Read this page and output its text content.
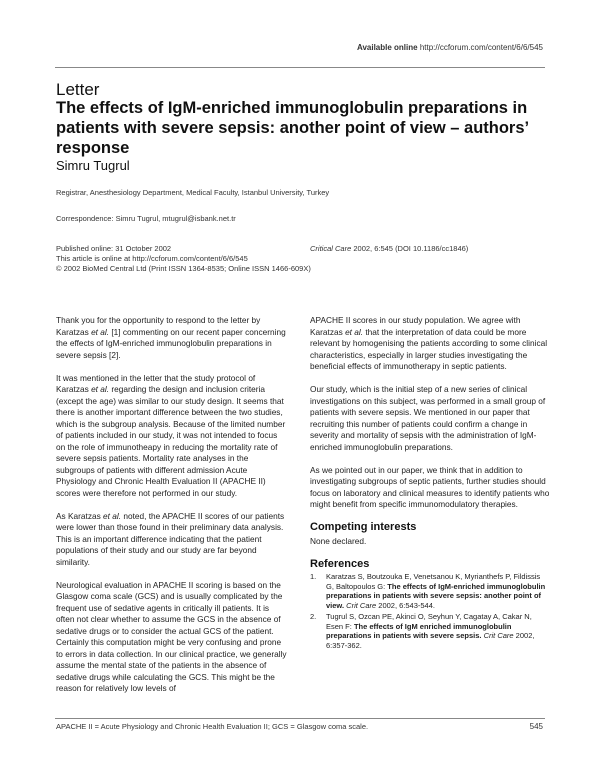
Available online http://ccforum.com/content/6/6/545
Letter
The effects of IgM-enriched immunoglobulin preparations in patients with severe sepsis: another point of view – authors’ response
Simru Tugrul
Registrar, Anesthesiology Department, Medical Faculty, Istanbul University, Turkey
Correspondence: Simru Tugrul, mtugrul@isbank.net.tr
Published online: 31 October 2002
This article is online at http://ccforum.com/content/6/6/545
© 2002 BioMed Central Ltd (Print ISSN 1364-8535; Online ISSN 1466-609X)
Critical Care 2002, 6:545 (DOI 10.1186/cc1846)

Thank you for the opportunity to respond to the letter by Karatzas et al. [1] commenting on our recent paper concerning the effects of IgM-enriched immunoglobulin preparations in severe sepsis [2].

It was mentioned in the letter that the study protocol of Karatzas et al. regarding the design and inclusion criteria (except the age) was similar to our study design. It seems that there is another important difference between the two studies, which is the subgroup analysis. Because of the limited number of patients included in our study, it was not intended to focus on the role of immunotheapy in reducing the mortality rate of severe sepsis patients. Mortality rate analyses in the subgroups of patients with different admission Acute Physiology and Chronic Health Evaluation II (APACHE II) scores were therefore not performed in our study.

As Karatzas et al. noted, the APACHE II scores of our patients were lower than those found in their preliminary data analysis. This is an important difference indicating that the patient populations of their study and our study are far beyond similarity.

Neurological evaluation in APACHE II scoring is based on the Glasgow coma scale (GCS) and is usually complicated by the frequent use of sedative agents in critically ill patients. It is often not clear whether to assume the GCS in the absence of sedative drugs or to consider the actual GCS of the patient. Certainly this computation might be very confusing and prone to errors in data collection. In our clinical practice, we generally assume the mental state of the patients in the absence of sedative drugs while calculating the GCS. This might be the reason for relatively low levels of

APACHE II scores in our study population. We agree with Karatzas et al. that the interpretation of data could be more relevant by homogenising the patients according to some clinical characteristics, especially in larger studies investigating the beneficial effects of immunotherapy in septic patients.

Our study, which is the initial step of a new series of clinical investigations on this subject, was performed in a small group of patients with severe sepsis. We mentioned in our paper that recruiting this number of patients could confirm a change in severity and mortality of sepsis with the administration of IgM-enriched immunoglobulin preparations.

As we pointed out in our paper, we think that in addition to investigating subgroups of septic patients, further studies should focus on laboratory and clinical measures to identify patients who might benefit from specific immunomodulatory therapies.

Competing interests

None declared.

References
1. Karatzas S, Boutzouka E, Venetsanou K, Myrianthefs P, Fildissis G, Baltopoulos G: The effects of IgM-enriched immunoglobulin preparations in patients with severe sepsis: another point of view. Crit Care 2002, 6:543-544.
2. Tugrul S, Ozcan PE, Akinci O, Seyhun Y, Cagatay A, Cakar N, Esen F: The effects of IgM enriched immunoglobulin preparations in patients with severe sepsis. Crit Care 2002, 6:357-362.
APACHE II = Acute Physiology and Chronic Health Evaluation II; GCS = Glasgow coma scale.	545
